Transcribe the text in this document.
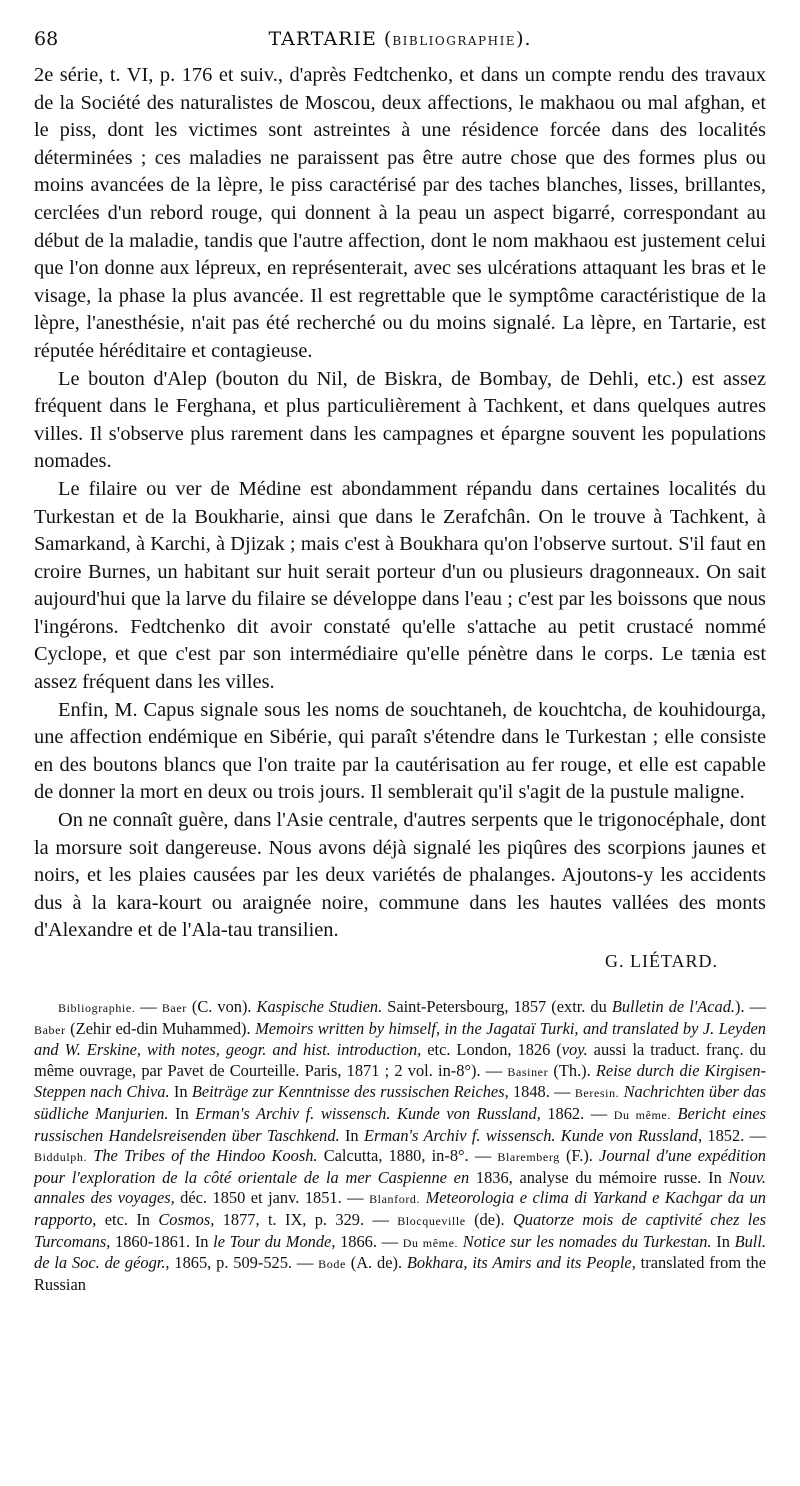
68	TARTARIE (BIBLIOGRAPHIE).

2e série, t. VI, p. 176 et suiv., d'après Fedtchenko, et dans un compte rendu des travaux de la Société des naturalistes de Moscou, deux affections, le makhaou ou mal afghan, et le piss, dont les victimes sont astreintes à une résidence forcée dans des localités déterminées ; ces maladies ne paraissent pas être autre chose que des formes plus ou moins avancées de la lèpre, le piss caractérisé par des taches blanches, lisses, brillantes, cerclées d'un rebord rouge, qui donnent à la peau un aspect bigarré, correspondant au début de la maladie, tandis que l'autre affection, dont le nom makhaou est justement celui que l'on donne aux lépreux, en représenterait, avec ses ulcérations attaquant les bras et le visage, la phase la plus avancée. Il est regrettable que le symptôme caractéristique de la lèpre, l'anesthésie, n'ait pas été recherché ou du moins signalé. La lèpre, en Tartarie, est réputée héréditaire et contagieuse.

Le bouton d'Alep (bouton du Nil, de Biskra, de Bombay, de Dehli, etc.) est assez fréquent dans le Ferghana, et plus particulièrement à Tachkent, et dans quelques autres villes. Il s'observe plus rarement dans les campagnes et épargne souvent les populations nomades.

Le filaire ou ver de Médine est abondamment répandu dans certaines localités du Turkestan et de la Boukharie, ainsi que dans le Zerafchân. On le trouve à Tachkent, à Samarkand, à Karchi, à Djizak ; mais c'est à Boukhara qu'on l'observe surtout. S'il faut en croire Burnes, un habitant sur huit serait porteur d'un ou plusieurs dragonneaux. On sait aujourd'hui que la larve du filaire se développe dans l'eau ; c'est par les boissons que nous l'ingérons. Fedtchenko dit avoir constaté qu'elle s'attache au petit crustacé nommé Cyclope, et que c'est par son intermédiaire qu'elle pénètre dans le corps. Le tænia est assez fréquent dans les villes.

Enfin, M. Capus signale sous les noms de souchtaneh, de kouchtcha, de kouhidourga, une affection endémique en Sibérie, qui paraît s'étendre dans le Turkestan ; elle consiste en des boutons blancs que l'on traite par la cautérisation au fer rouge, et elle est capable de donner la mort en deux ou trois jours. Il semblerait qu'il s'agit de la pustule maligne.

On ne connaît guère, dans l'Asie centrale, d'autres serpents que le trigonocéphale, dont la morsure soit dangereuse. Nous avons déjà signalé les piqûres des scorpions jaunes et noirs, et les plaies causées par les deux variétés de phalanges. Ajoutons-y les accidents dus à la kara-kourt ou araignée noire, commune dans les hautes vallées des monts d'Alexandre et de l'Ala-tau transilien.

G. LIÉTARD.

Bibliographie. — Baer (C. von). Kaspische Studien. Saint-Petersbourg, 1857 (extr. du Bulletin de l'Acad.). — Baber (Zehir ed-din Muhammed). Memoirs written by himself, in the Jagataï Turki, and translated by J. Leyden and W. Erskine, with notes, geogr. and hist. introduction, etc. London, 1826 (voy. aussi la traduct. franç. du même ouvrage, par Pavet de Courteille. Paris, 1871 ; 2 vol. in-8°). — Basiner (Th.). Reise durch die Kirgisen-Steppen nach Chiva. In Beiträge zur Kenntnisse des russischen Reiches, 1848. — Beresin. Nachrichten über das südliche Manjurien. In Erman's Archiv f. wissensch. Kunde von Russland, 1862. — Du même. Bericht eines russischen Handelsreisenden über Taschkend. In Erman's Archiv f. wissensch. Kunde von Russland, 1852. — Biddulph. The Tribes of the Hindoo Koosh. Calcutta, 1880, in-8°. — Blaremberg (F.). Journal d'une expédition pour l'exploration de la côté orientale de la mer Caspienne en 1836, analyse du mémoire russe. In Nouv. annales des voyages, déc. 1850 et janv. 1851. — Blanford. Meteorologia e clima di Yarkand e Kachgar da un rapporto, etc. In Cosmos, 1877, t. IX, p. 329. — Blocqueville (de). Quatorze mois de captivité chez les Turcomans, 1860-1861. In le Tour du Monde, 1866. — Du même. Notice sur les nomades du Turkestan. In Bull. de la Soc. de géogr., 1865, p. 509-525. — Bode (A. de). Bokhara, its Amirs and its People, translated from the Russian
